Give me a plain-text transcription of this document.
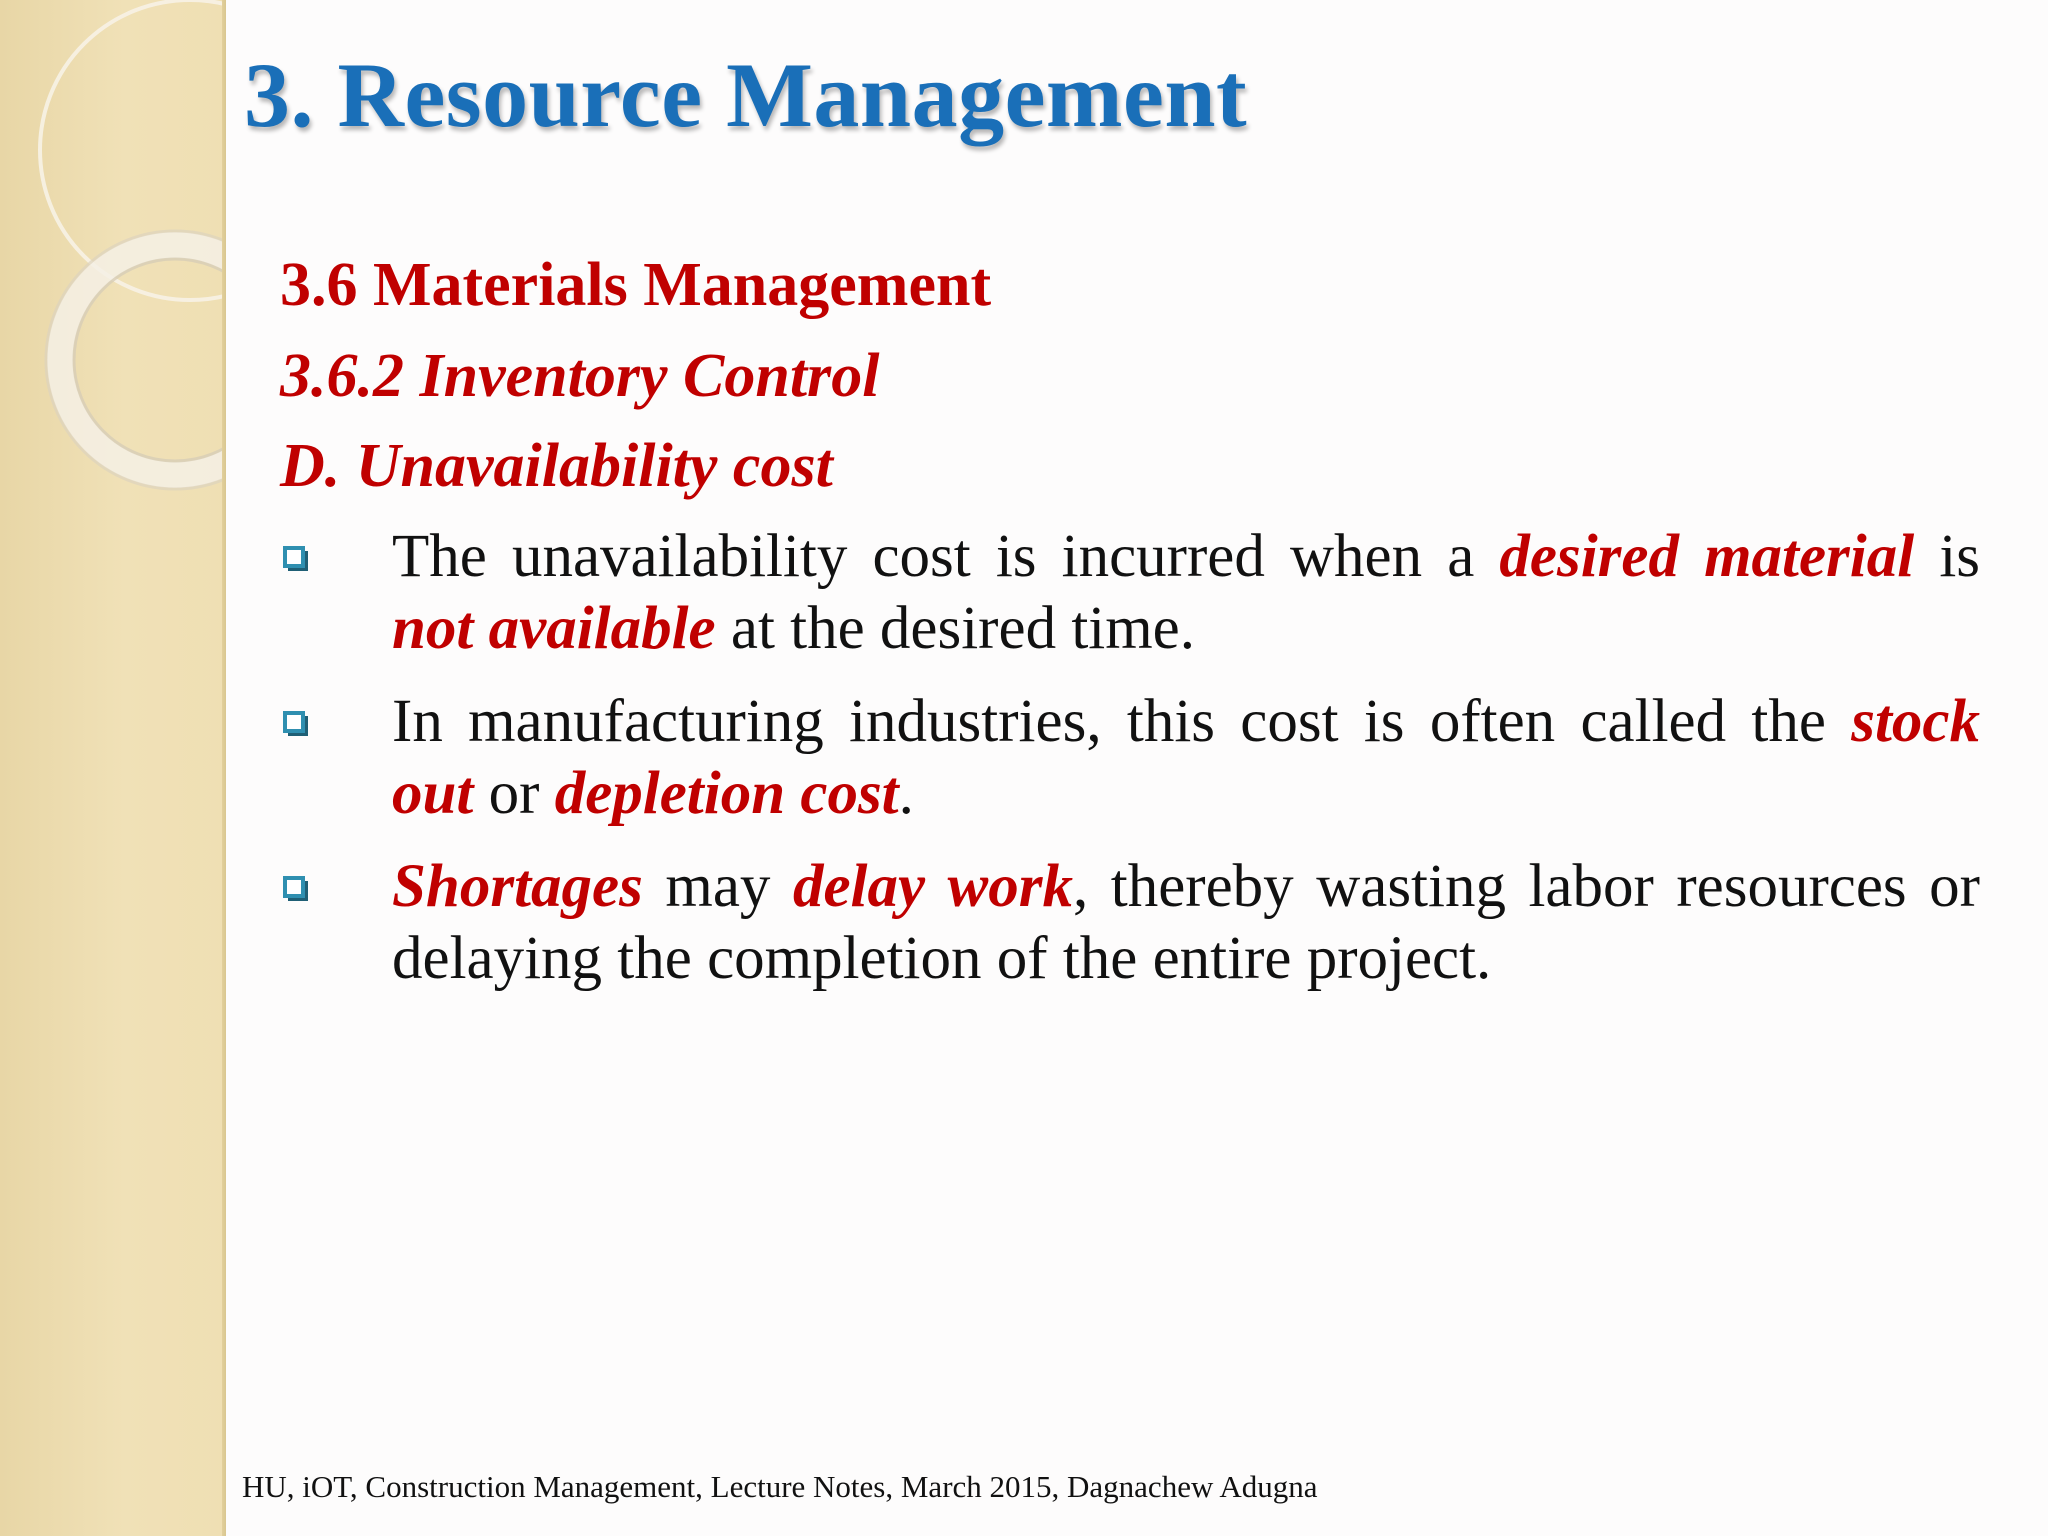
3. Resource Management
3.6 Materials Management
3.6.2 Inventory Control
D. Unavailability cost

The unavailability cost is incurred when a desired material is not available at the desired time.

In manufacturing industries, this cost is often called the stock out or depletion cost.

Shortages may delay work, thereby wasting labor resources or delaying the completion of the entire project.

HU, iOT, Construction Management, Lecture Notes, March 2015, Dagnachew Adugna
